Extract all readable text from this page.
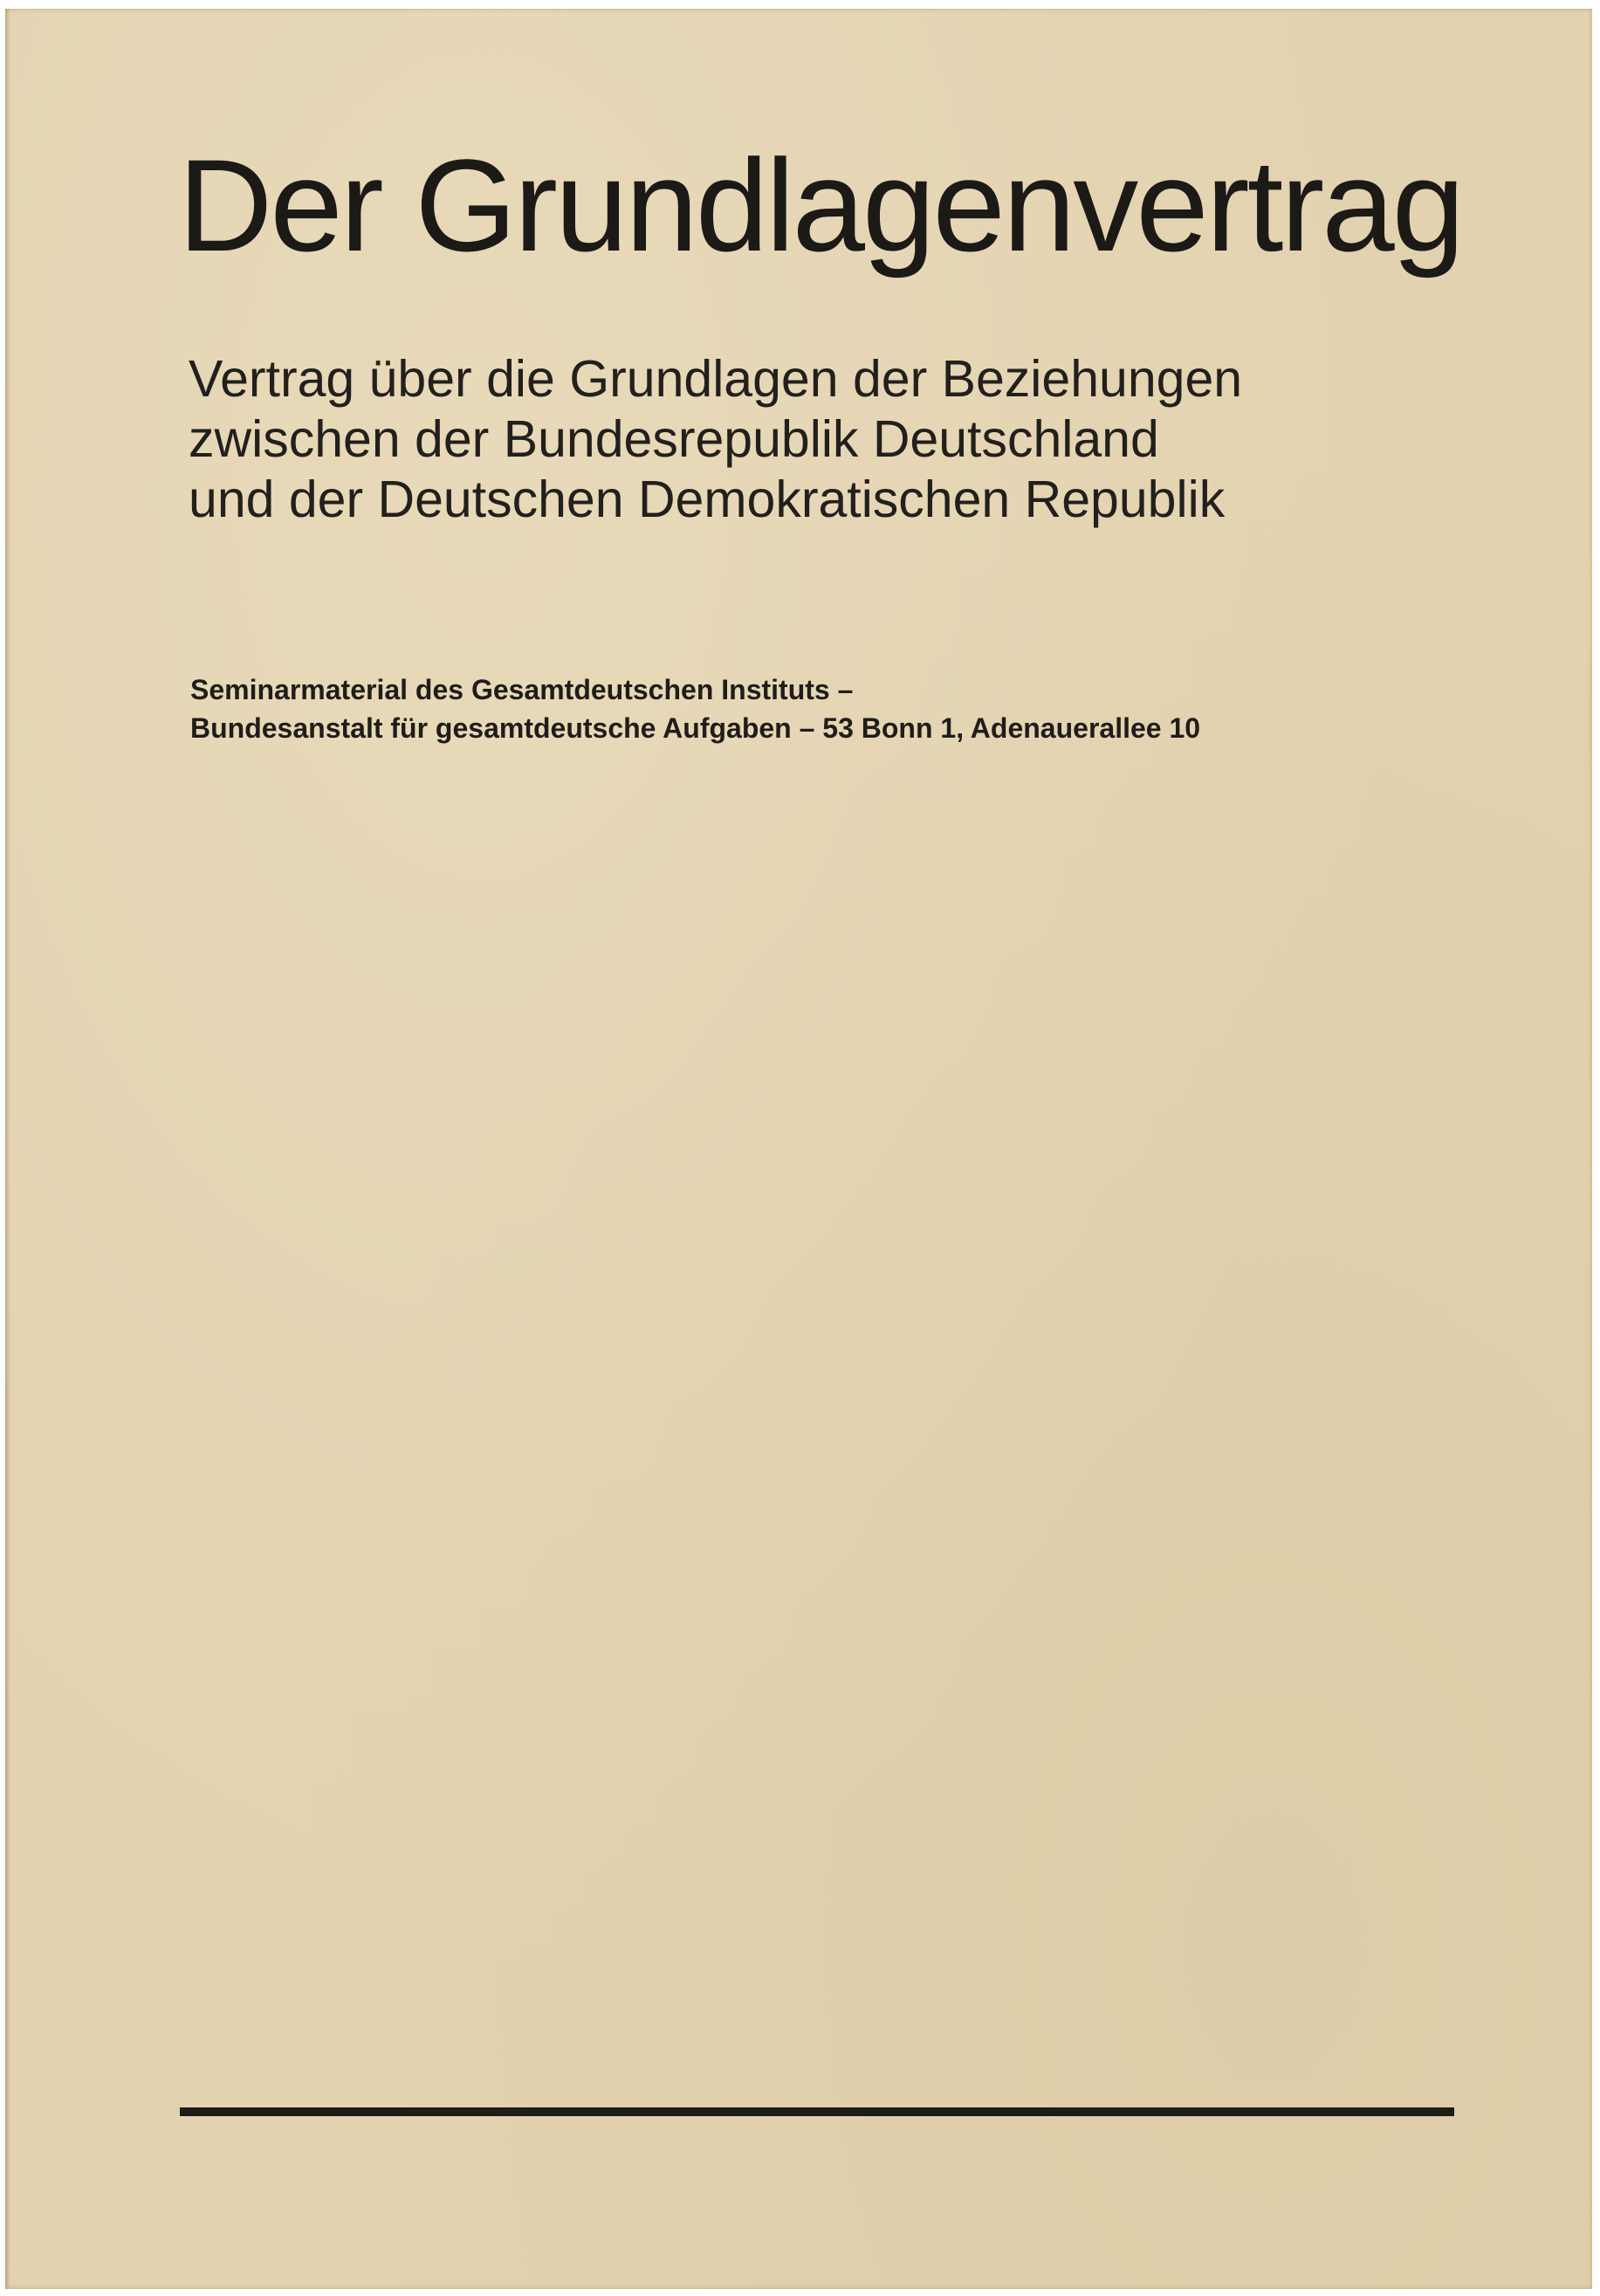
Der Grundlagenvertrag
Vertrag über die Grundlagen der Beziehungen
zwischen der Bundesrepublik Deutschland
und der Deutschen Demokratischen Republik
Seminarmaterial des Gesamtdeutschen Instituts –
Bundesanstalt für gesamtdeutsche Aufgaben – 53 Bonn 1, Adenauerallee 10
